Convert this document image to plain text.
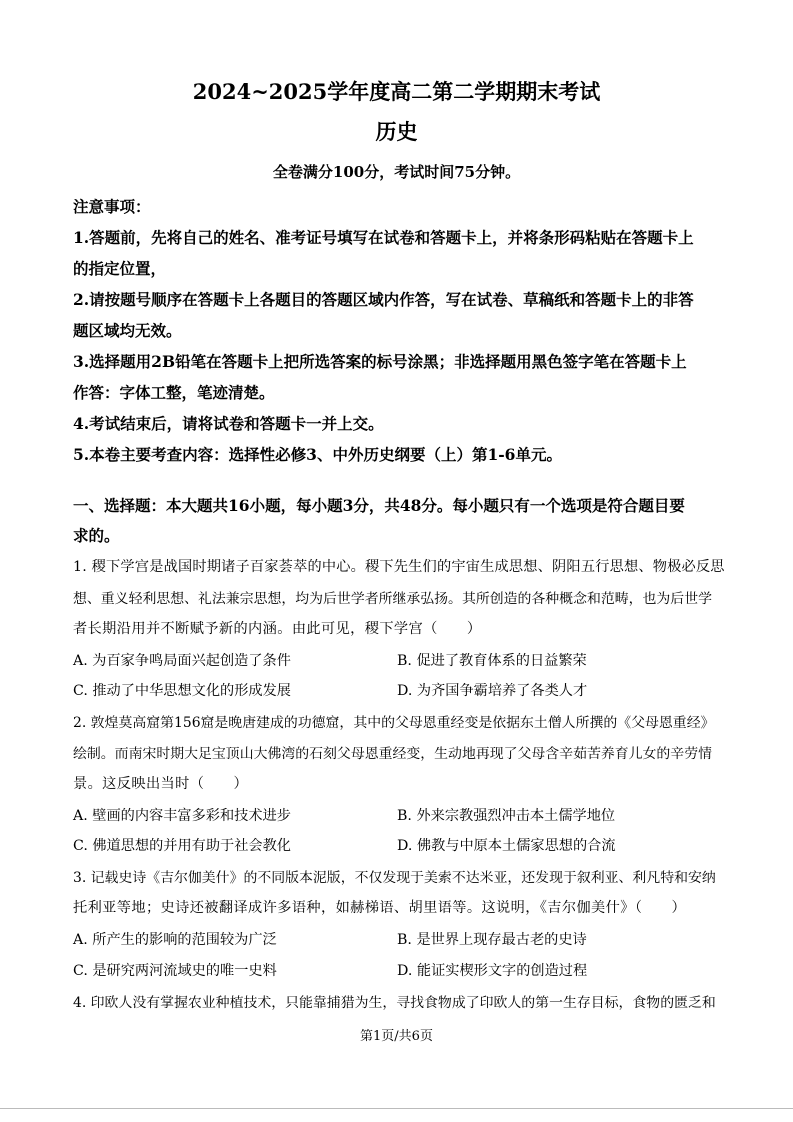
2024~2025学年度高二第二学期期末考试
历史
全卷满分100分，考试时间75分钟。
注意事项：
1.答题前，先将自己的姓名、准考证号填写在试卷和答题卡上，并将条形码粘贴在答题卡上
的指定位置，
2.请按题号顺序在答题卡上各题目的答题区域内作答，写在试卷、草稿纸和答题卡上的非答
题区域均无效。
3.选择题用2B铅笔在答题卡上把所选答案的标号涂黑；非选择题用黑色签字笔在答题卡上
作答：字体工整，笔迹清楚。
4.考试结束后，请将试卷和答题卡一并上交。
5.本卷主要考查内容：选择性必修3、中外历史纲要（上）第1-6单元。
一、选择题：本大题共16小题，每小题3分，共48分。每小题只有一个选项是符合题目要
求的。
1. 稷下学宫是战国时期诸子百家荟萃的中心。稷下先生们的宇宙生成思想、阴阳五行思想、物极必反思
想、重义轻利思想、礼法兼宗思想，均为后世学者所继承弘扬。其所创造的各种概念和范畴，也为后世学
者长期沿用并不断赋予新的内涵。由此可见，稷下学宫（　　）
A. 为百家争鸣局面兴起创造了条件	B. 促进了教育体系的日益繁荣
C. 推动了中华思想文化的形成发展	D. 为齐国争霸培养了各类人才
2. 敦煌莫高窟第156窟是晚唐建成的功德窟，其中的父母恩重经变是依据东土僧人所撰的《父母恩重经》
绘制。而南宋时期大足宝顶山大佛湾的石刻父母恩重经变，生动地再现了父母含辛茹苦养育儿女的辛劳情
景。这反映出当时（　　）
A. 壁画的内容丰富多彩和技术进步	B. 外来宗教强烈冲击本土儒学地位
C. 佛道思想的并用有助于社会教化	D. 佛教与中原本土儒家思想的合流
3. 记载史诗《吉尔伽美什》的不同版本泥版，不仅发现于美索不达米亚，还发现于叙利亚、利凡特和安纳
托利亚等地；史诗还被翻译成许多语种，如赫梯语、胡里语等。这说明，《吉尔伽美什》（　　）
A. 所产生的影响的范围较为广泛	B. 是世界上现存最古老的史诗
C. 是研究两河流域史的唯一史料	D. 能证实楔形文字的创造过程
4. 印欧人没有掌握农业种植技术，只能靠捕猎为生，寻找食物成了印欧人的第一生存目标，食物的匮乏和
第1页/共6页
